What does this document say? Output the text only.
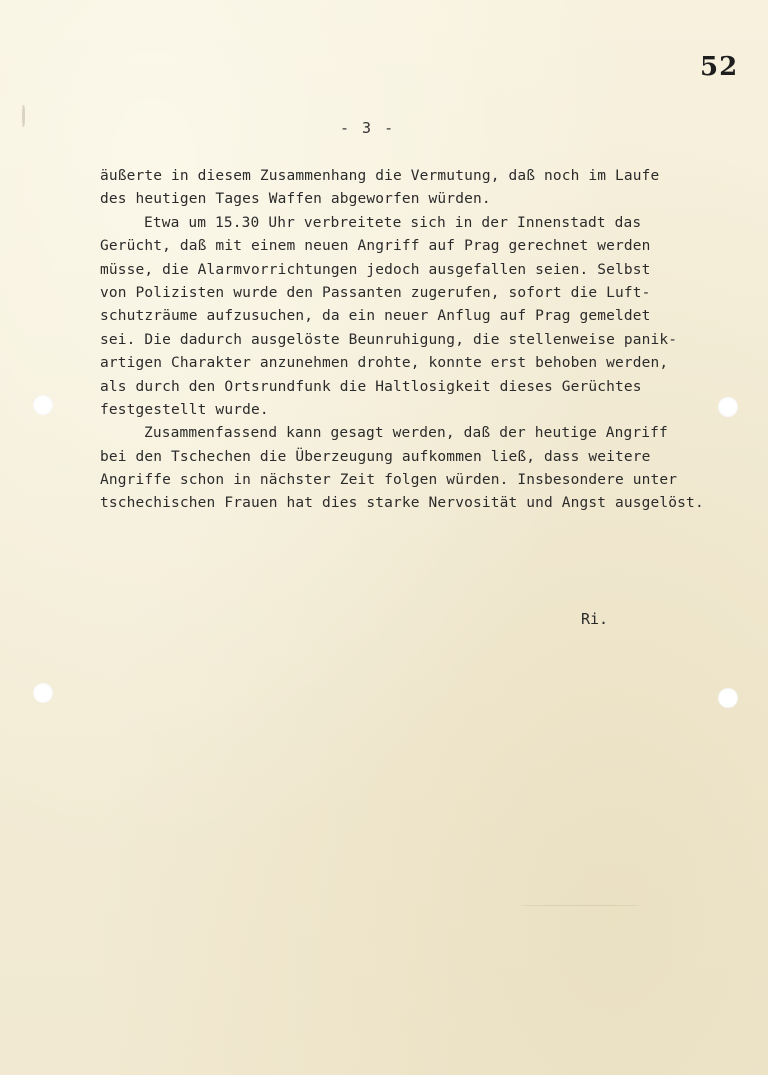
52
- 3 -
äußerte in diesem Zusammenhang die Vermutung, daß noch im Laufe
des heutigen Tages Waffen abgeworfen würden.
Etwa um 15.30 Uhr verbreitete sich in der Innenstadt das
Gerücht, daß mit einem neuen Angriff auf Prag gerechnet werden
müsse, die Alarmvorrichtungen jedoch ausgefallen seien. Selbst
von Polizisten wurde den Passanten zugerufen, sofort die Luft-
schutzräume aufzusuchen, da ein neuer Anflug auf Prag gemeldet
sei. Die dadurch ausgelöste Beunruhigung, die stellenweise panik-
artigen Charakter anzunehmen drohte, konnte erst behoben werden,
als durch den Ortsrundfunk die Haltlosigkeit dieses Gerüchtes
festgestellt wurde.
Zusammenfassend kann gesagt werden, daß der heutige Angriff
bei den Tschechen die Überzeugung aufkommen ließ, dass weitere
Angriffe schon in nächster Zeit folgen würden. Insbesondere unter
tschechischen Frauen hat dies starke Nervosität und Angst ausgelöst.
Ri.
